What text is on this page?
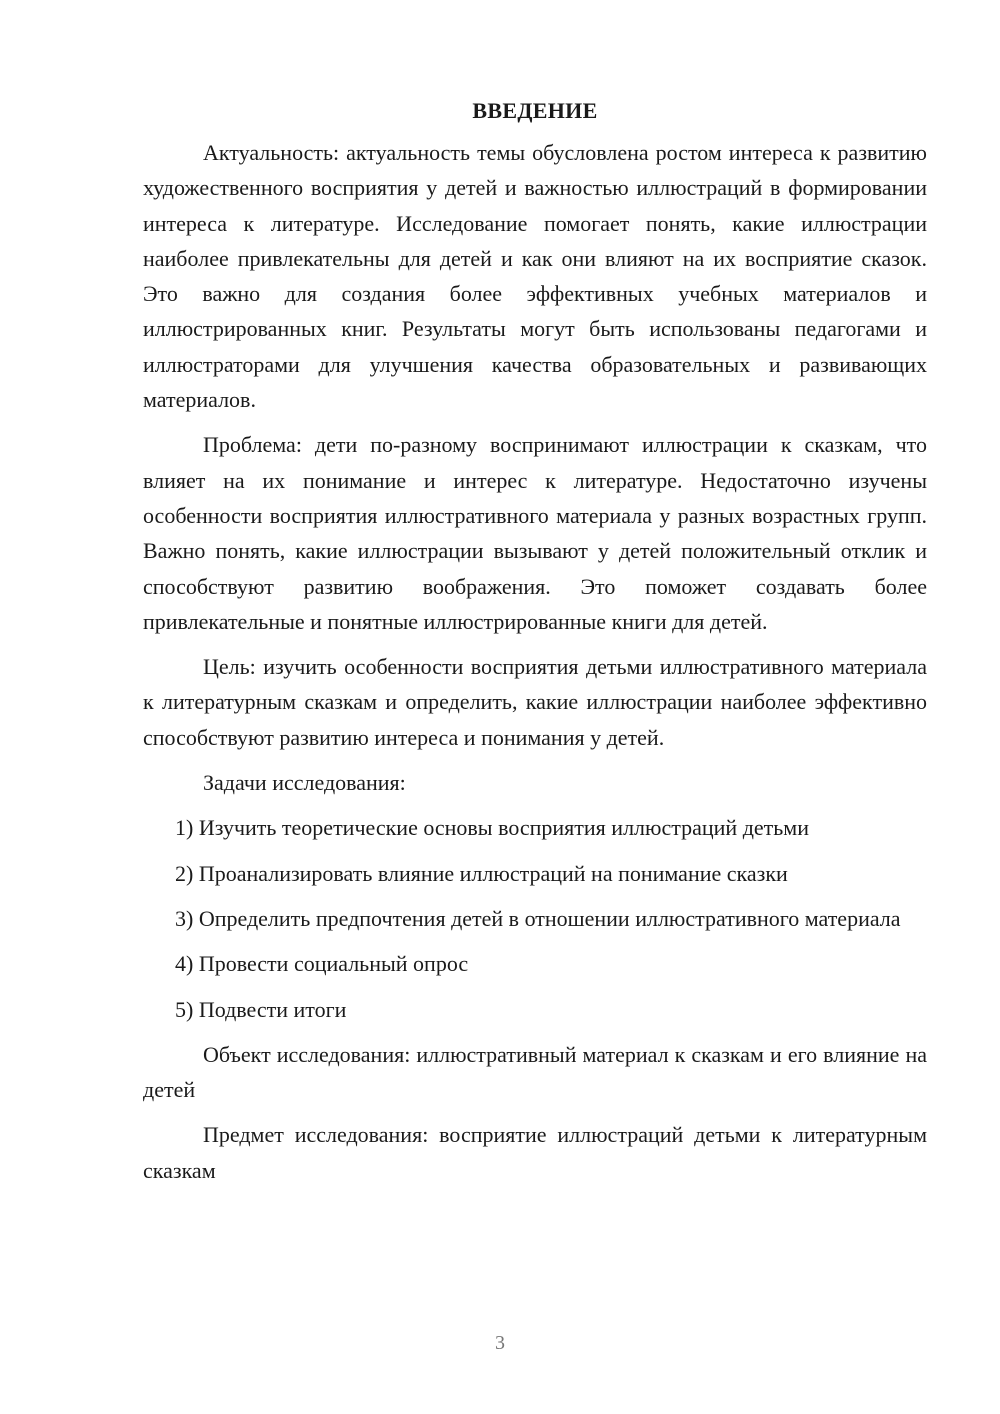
ВВЕДЕНИЕ

Актуальность: актуальность темы обусловлена ростом интереса к развитию художественного восприятия у детей и важностью иллюстраций в формировании интереса к литературе. Исследование помогает понять, какие иллюстрации наиболее привлекательны для детей и как они влияют на их восприятие сказок. Это важно для создания более эффективных учебных материалов и иллюстрированных книг. Результаты могут быть использованы педагогами и иллюстраторами для улучшения качества образовательных и развивающих материалов.

Проблема: дети по-разному воспринимают иллюстрации к сказкам, что влияет на их понимание и интерес к литературе. Недостаточно изучены особенности восприятия иллюстративного материала у разных возрастных групп. Важно понять, какие иллюстрации вызывают у детей положительный отклик и способствуют развитию воображения. Это поможет создавать более привлекательные и понятные иллюстрированные книги для детей.

Цель: изучить особенности восприятия детьми иллюстративного материала к литературным сказкам и определить, какие иллюстрации наиболее эффективно способствуют развитию интереса и понимания у детей.

Задачи исследования:

1) Изучить теоретические основы восприятия иллюстраций детьми

2) Проанализировать влияние иллюстраций на понимание сказки

3) Определить предпочтения детей в отношении иллюстративного материала

4) Провести социальный опрос

5) Подвести итоги

Объект исследования: иллюстративный материал к сказкам и его влияние на детей

Предмет исследования: восприятие иллюстраций детьми к литературным сказкам

3
